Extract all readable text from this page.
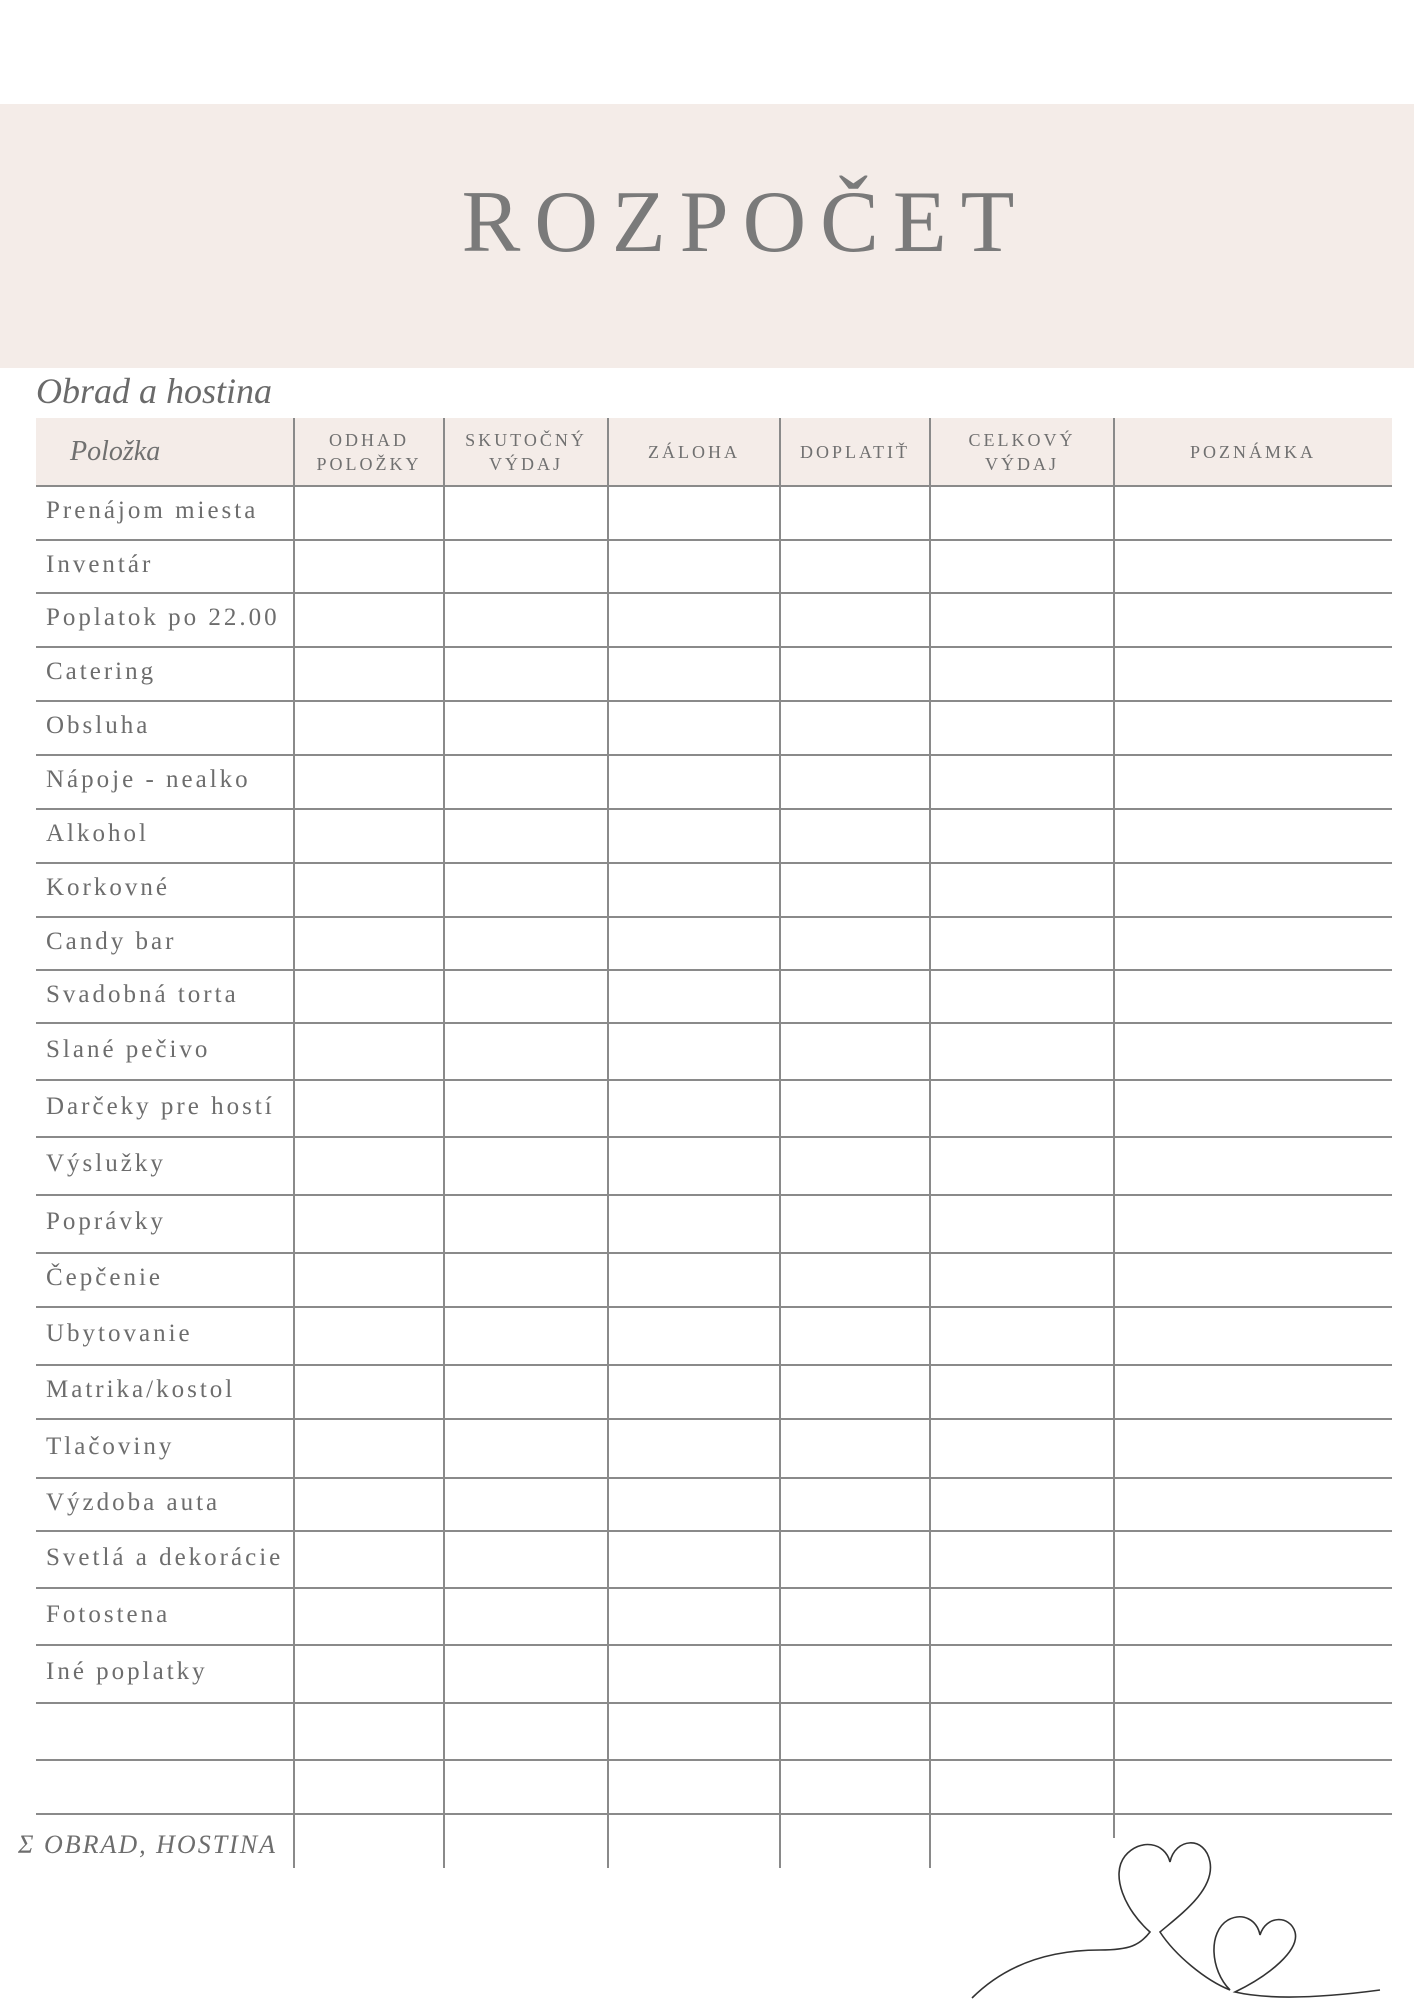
ROZPOČET
Obrad a hostina
Položka	ODHAD
POLOŽKY
SKUTOČNÝ
VÝDAJ
ZÁLOHA	DOPLATIŤ
CELKOVÝ
VÝDAJ
POZNÁMKA
Prenájom miesta
Inventár
Poplatok po 22.00
Catering
Obsluha
Nápoje - nealko
Alkohol
Korkovné
Candy bar
Svadobná torta
Slané pečivo
Darčeky pre hostí
Výslužky
Poprávky
Čepčenie
Ubytovanie
Matrika/kostol
Tlačoviny
Výzdoba auta
Svetlá a dekorácie
Fotostena
Iné poplatky
Σ OBRAD, HOSTINA
